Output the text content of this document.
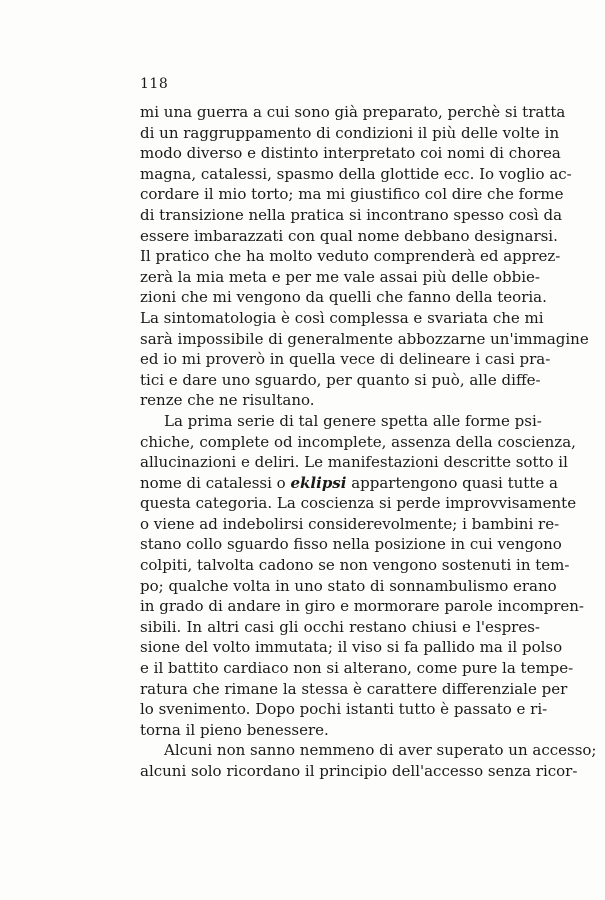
118
mi una guerra a cui sono già preparato, perchè si tratta
di un raggruppamento di condizioni il più delle volte in
modo diverso e distinto interpretato coi nomi di chorea
magna, catalessi, spasmo della glottide ecc. Io voglio ac-
cordare il mio torto; ma mi giustifico col dire che forme
di transizione nella pratica si incontrano spesso così da
essere imbarazzati con qual nome debbano designarsi.
Il pratico che ha molto veduto comprenderà ed apprez-
zerà la mia meta e per me vale assai più delle obbie-
zioni che mi vengono da quelli che fanno della teoria.
La sintomatologia è così complessa e svariata che mi
sarà impossibile di generalmente abbozzarne un'immagine
ed io mi proverò in quella vece di delineare i casi pra-
tici e dare uno sguardo, per quanto si può, alle diffe-
renze che ne risultano.
La prima serie di tal genere spetta alle forme psi-
chiche, complete od incomplete, assenza della coscienza,
allucinazioni e deliri. Le manifestazioni descritte sotto il
nome di catalessi o eklipsi appartengono quasi tutte a
questa categoria. La coscienza si perde improvvisamente
o viene ad indebolirsi considerevolmente; i bambini re-
stano collo sguardo fisso nella posizione in cui vengono
colpiti, talvolta cadono se non vengono sostenuti in tem-
po; qualche volta in uno stato di sonnambulismo erano
in grado di andare in giro e mormorare parole incompren-
sibili. In altri casi gli occhi restano chiusi e l'espres-
sione del volto immutata; il viso si fa pallido ma il polso
e il battito cardiaco non si alterano, come pure la tempe-
ratura che rimane la stessa è carattere differenziale per
lo svenimento. Dopo pochi istanti tutto è passato e ri-
torna il pieno benessere.
Alcuni non sanno nemmeno di aver superato un accesso;
alcuni solo ricordano il principio dell'accesso senza ricor-
